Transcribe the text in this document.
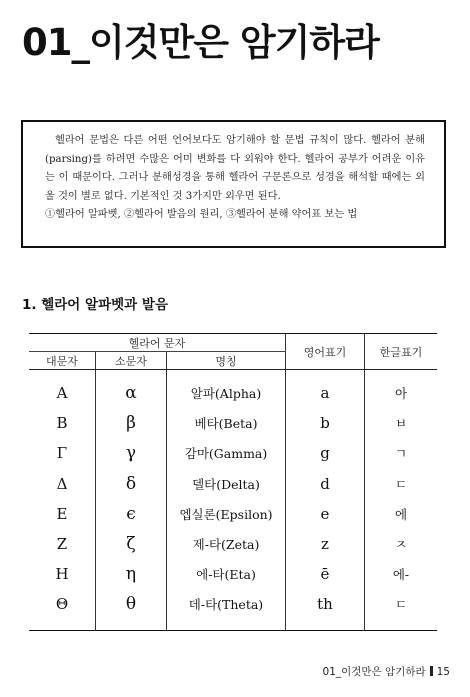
01_이것만은 암기하라
헬라어 문법은 다른 어떤 언어보다도 암기해야 할 문법 규칙이 많다. 헬라어 분해(parsing)를 하려면 수많은 어미 변화를 다 외워야 한다. 헬라어 공부가 어려운 이유는 이 때문이다. 그러나 분해성경을 통해 헬라어 구문론으로 성경을 해석할 때에는 외울 것이 별로 없다. 기본적인 것 3가지만 외우면 된다.
①헬라어 알파벳, ②헬라어 발음의 원리, ③헬라어 분해 약어표 보는 법
1. 헬라어 알파벳과 발음
헬라어 문자			영어표기	한글표기
대문자	소문자	명칭		
Α	α	알파(Alpha)	a	아
Β	β	베타(Beta)	b	ㅂ
Γ	γ	감마(Gamma)	g	ㄱ
Δ	δ	델타(Delta)	d	ㄷ
Ε	ϵ	엡실론(Epsilon)	e	에
Ζ	ζ	제-타(Zeta)	z	ㅈ
Η	η	에-타(Eta)	ē	에-
Θ	θ	데-타(Theta)	th	ㄷ
01_이것만은 암기하라 15
